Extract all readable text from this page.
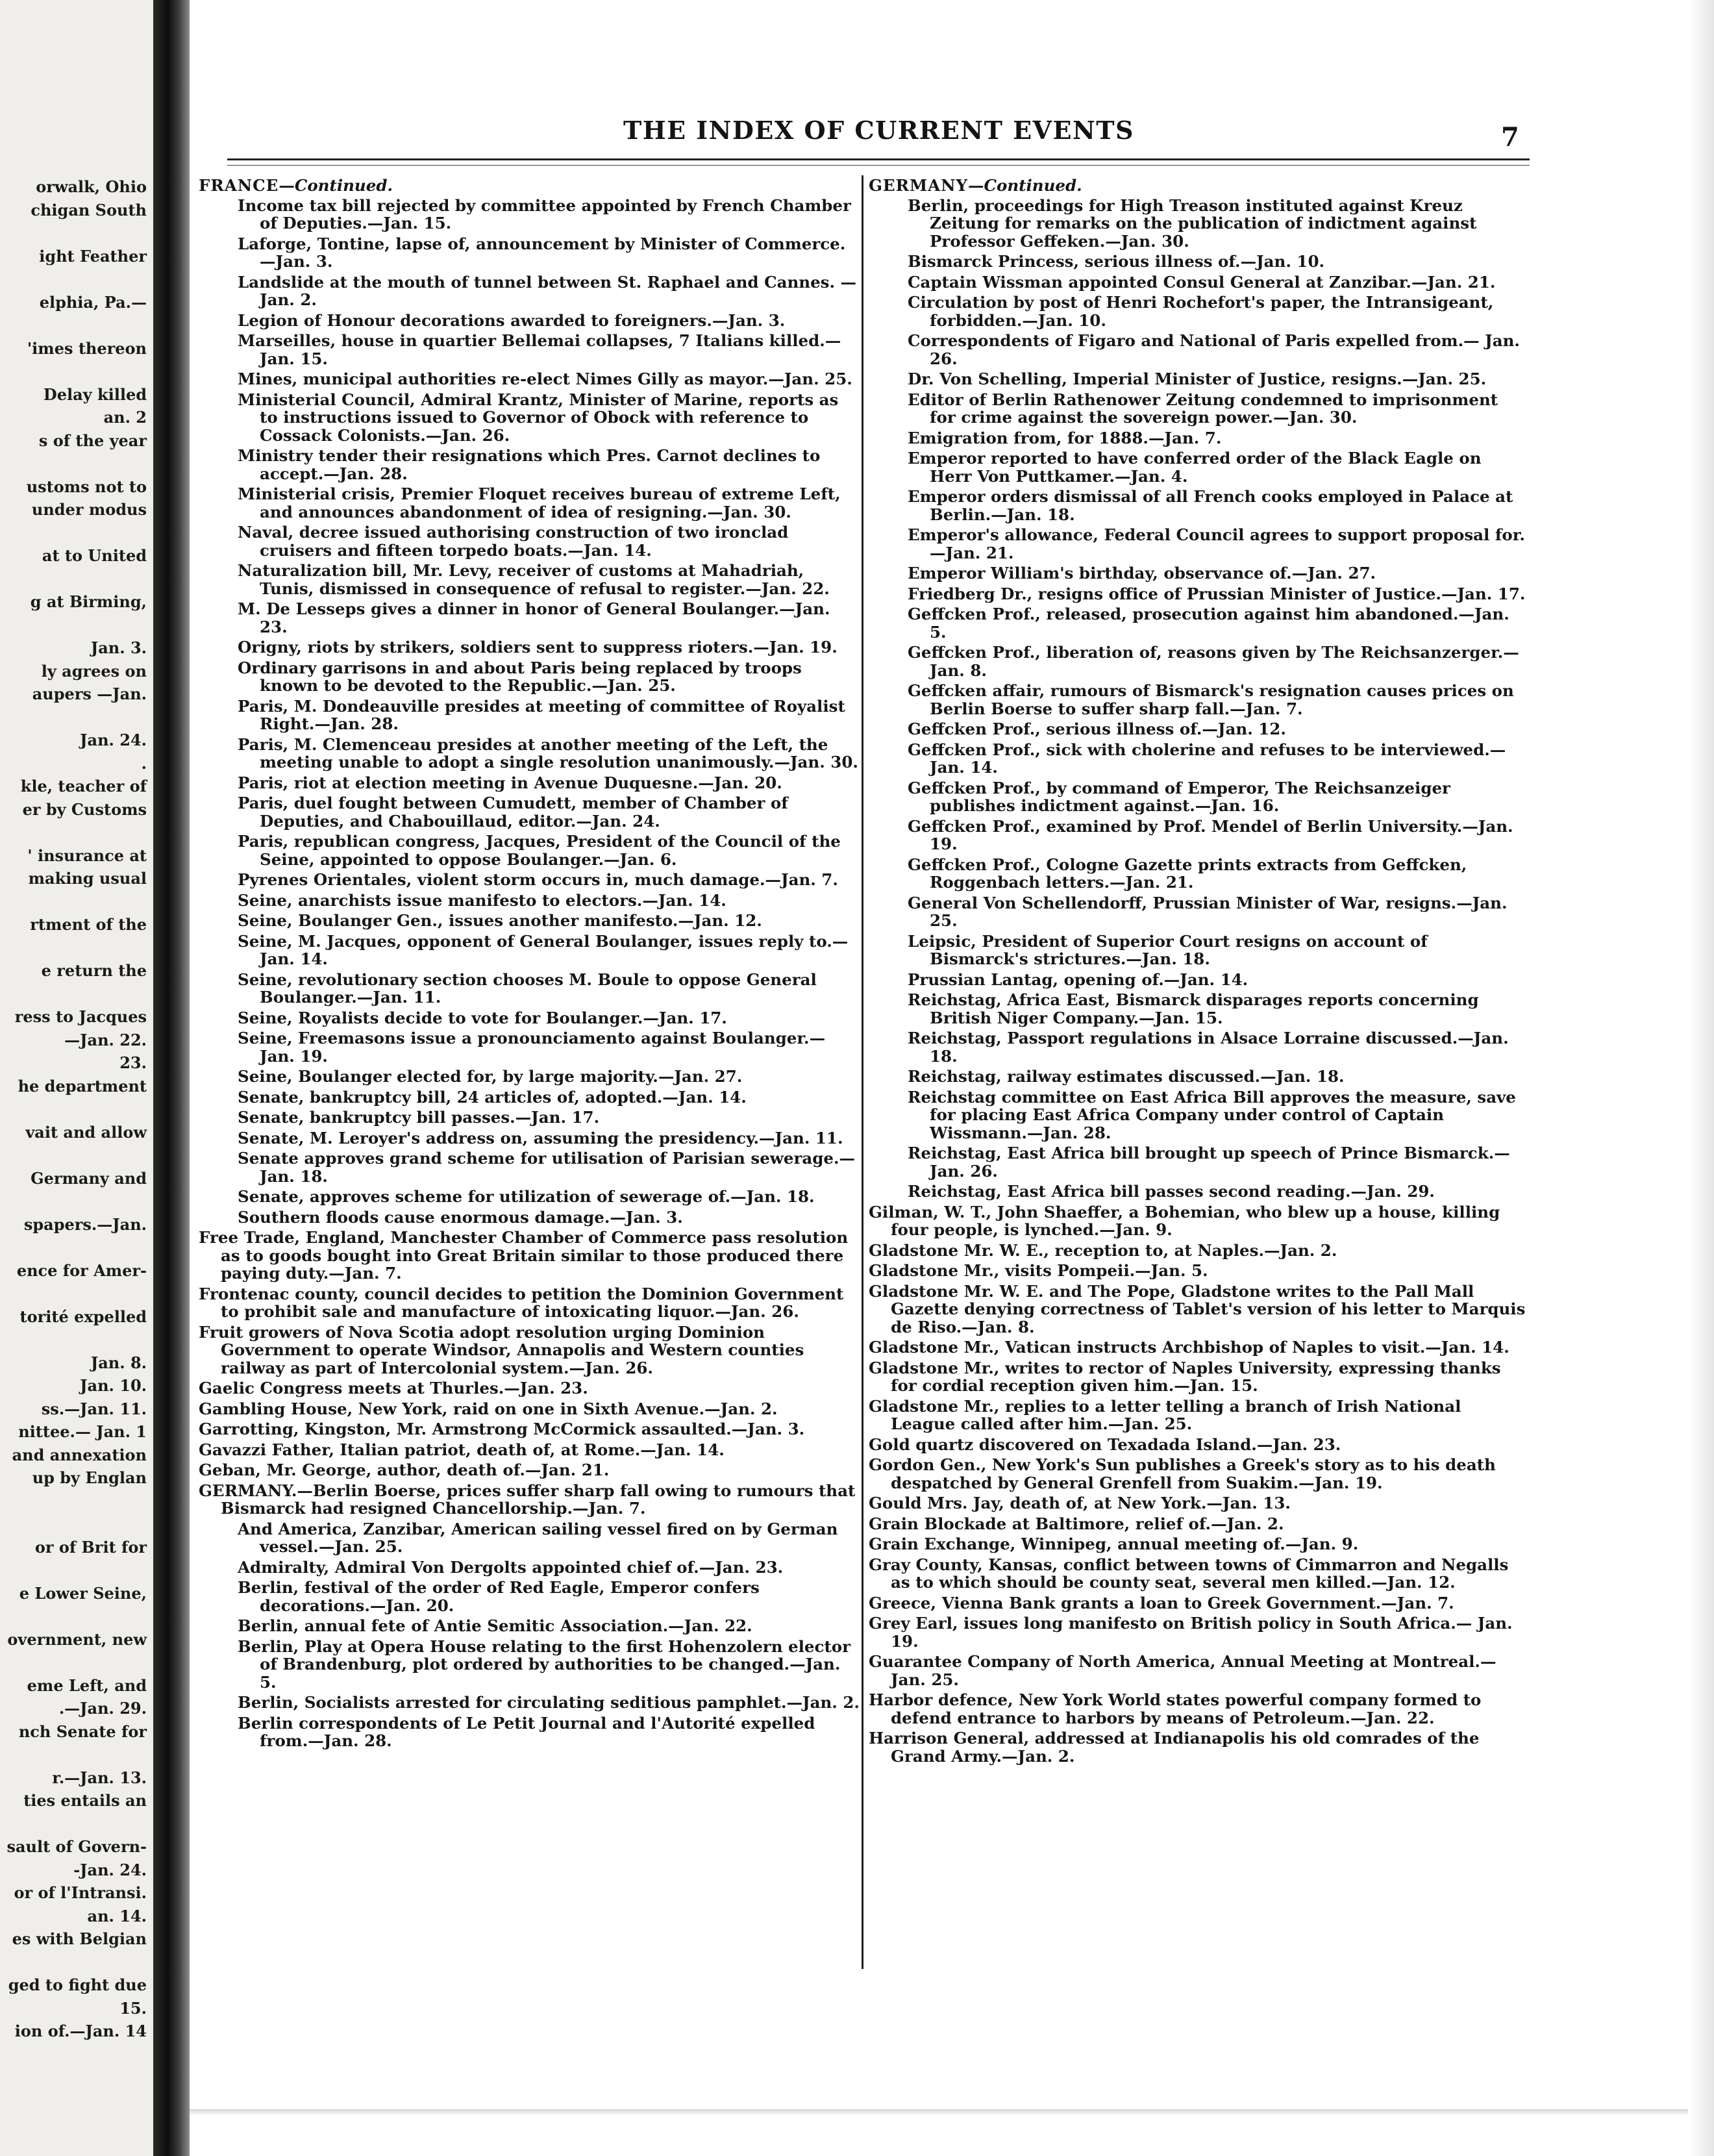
orwalk, Ohio
chigan South

ight Feather

elphia, Pa.—

'imes thereon

Delay killed
an. 2
s of the year

ustoms not to
under modus

at to United

g at Birming,

Jan. 3.
ly agrees on
aupers —Jan.

Jan. 24.
.
kle, teacher of
er by Customs

' insurance at
making usual

rtment of the

e return the

ress to Jacques
—Jan. 22.
23.
he department

vait and allow

Germany and

spapers.—Jan.

ence for Amer-

torité expelled

Jan. 8.
Jan. 10.
ss.—Jan. 11.
nittee.— Jan. 1
and annexation
up by Englan

or of Brit for

e Lower Seine,

overnment, new

eme Left, and
.—Jan. 29.
nch Senate for

r.—Jan. 13.
ties entails an

sault of Govern-
-Jan. 24.
or of l'Intransi.
an. 14.
es with Belgian

ged to fight due
15.
ion of.—Jan. 14
THE INDEX OF CURRENT EVENTS	7
FRANCE—Continued.
Income tax bill rejected by committee appointed by French Chamber of Deputies.—Jan. 15.
Laforge, Tontine, lapse of, announcement by Minister of Commerce. —Jan. 3.
Landslide at the mouth of tunnel between St. Raphael and Cannes. —Jan. 2.
Legion of Honour decorations awarded to foreigners.—Jan. 3.
Marseilles, house in quartier Bellemai collapses, 7 Italians killed.— Jan. 15.
Mines, municipal authorities re-elect Nimes Gilly as mayor.—Jan. 25.
Ministerial Council, Admiral Krantz, Minister of Marine, reports as to instructions issued to Governor of Obock with reference to Cossack Colonists.—Jan. 26.
Ministry tender their resignations which Pres. Carnot declines to accept.—Jan. 28.
Ministerial crisis, Premier Floquet receives bureau of extreme Left, and announces abandonment of idea of resigning.—Jan. 30.
Naval, decree issued authorising construction of two ironclad cruisers and fifteen torpedo boats.—Jan. 14.
Naturalization bill, Mr. Levy, receiver of customs at Mahadriah, Tunis, dismissed in consequence of refusal to register.—Jan. 22.
M. De Lesseps gives a dinner in honor of General Boulanger.—Jan. 23.
Origny, riots by strikers, soldiers sent to suppress rioters.—Jan. 19.
Ordinary garrisons in and about Paris being replaced by troops known to be devoted to the Republic.—Jan. 25.
Paris, M. Dondeauville presides at meeting of committee of Royalist Right.—Jan. 28.
Paris, M. Clemenceau presides at another meeting of the Left, the meeting unable to adopt a single resolution unanimously.—Jan. 30.
Paris, riot at election meeting in Avenue Duquesne.—Jan. 20.
Paris, duel fought between Cumudett, member of Chamber of Deputies, and Chabouillaud, editor.—Jan. 24.
Paris, republican congress, Jacques, President of the Council of the Seine, appointed to oppose Boulanger.—Jan. 6.
Pyrenes Orientales, violent storm occurs in, much damage.—Jan. 7.
Seine, anarchists issue manifesto to electors.—Jan. 14.
Seine, Boulanger Gen., issues another manifesto.—Jan. 12.
Seine, M. Jacques, opponent of General Boulanger, issues reply to.— Jan. 14.
Seine, revolutionary section chooses M. Boule to oppose General Boulanger.—Jan. 11.
Seine, Royalists decide to vote for Boulanger.—Jan. 17.
Seine, Freemasons issue a pronounciamento against Boulanger.— Jan. 19.
Seine, Boulanger elected for, by large majority.—Jan. 27.
Senate, bankruptcy bill, 24 articles of, adopted.—Jan. 14.
Senate, bankruptcy bill passes.—Jan. 17.
Senate, M. Leroyer's address on, assuming the presidency.—Jan. 11.
Senate approves grand scheme for utilisation of Parisian sewerage.— Jan. 18.
Senate, approves scheme for utilization of sewerage of.—Jan. 18.
Southern floods cause enormous damage.—Jan. 3.
Free Trade, England, Manchester Chamber of Commerce pass resolution as to goods bought into Great Britain similar to those produced there paying duty.—Jan. 7.
Frontenac county, council decides to petition the Dominion Government to prohibit sale and manufacture of intoxicating liquor.—Jan. 26.
Fruit growers of Nova Scotia adopt resolution urging Dominion Government to operate Windsor, Annapolis and Western counties railway as part of Intercolonial system.—Jan. 26.
Gaelic Congress meets at Thurles.—Jan. 23.
Gambling House, New York, raid on one in Sixth Avenue.—Jan. 2.
Garrotting, Kingston, Mr. Armstrong McCormick assaulted.—Jan. 3.
Gavazzi Father, Italian patriot, death of, at Rome.—Jan. 14.
Geban, Mr. George, author, death of.—Jan. 21.
GERMANY.—Berlin Boerse, prices suffer sharp fall owing to rumours that Bismarck had resigned Chancellorship.—Jan. 7.
And America, Zanzibar, American sailing vessel fired on by German vessel.—Jan. 25.
Admiralty, Admiral Von Dergolts appointed chief of.—Jan. 23.
Berlin, festival of the order of Red Eagle, Emperor confers decorations.—Jan. 20.
Berlin, annual fete of Antie Semitic Association.—Jan. 22.
Berlin, Play at Opera House relating to the first Hohenzolern elector of Brandenburg, plot ordered by authorities to be changed.—Jan. 5.
Berlin, Socialists arrested for circulating seditious pamphlet.—Jan. 2.
Berlin correspondents of Le Petit Journal and l'Autorité expelled from.—Jan. 28.
GERMANY—Continued.
Berlin, proceedings for High Treason instituted against Kreuz Zeitung for remarks on the publication of indictment against Professor Geffeken.—Jan. 30.
Bismarck Princess, serious illness of.—Jan. 10.
Captain Wissman appointed Consul General at Zanzibar.—Jan. 21.
Circulation by post of Henri Rochefort's paper, the Intransigeant, forbidden.—Jan. 10.
Correspondents of Figaro and National of Paris expelled from.— Jan. 26.
Dr. Von Schelling, Imperial Minister of Justice, resigns.—Jan. 25.
Editor of Berlin Rathenower Zeitung condemned to imprisonment for crime against the sovereign power.—Jan. 30.
Emigration from, for 1888.—Jan. 7.
Emperor reported to have conferred order of the Black Eagle on Herr Von Puttkamer.—Jan. 4.
Emperor orders dismissal of all French cooks employed in Palace at Berlin.—Jan. 18.
Emperor's allowance, Federal Council agrees to support proposal for. —Jan. 21.
Emperor William's birthday, observance of.—Jan. 27.
Friedberg Dr., resigns office of Prussian Minister of Justice.—Jan. 17.
Geffcken Prof., released, prosecution against him abandoned.—Jan. 5.
Geffcken Prof., liberation of, reasons given by The Reichsanzerger.— Jan. 8.
Geffcken affair, rumours of Bismarck's resignation causes prices on Berlin Boerse to suffer sharp fall.—Jan. 7.
Geffcken Prof., serious illness of.—Jan. 12.
Geffcken Prof., sick with cholerine and refuses to be interviewed.— Jan. 14.
Geffcken Prof., by command of Emperor, The Reichsanzeiger publishes indictment against.—Jan. 16.
Geffcken Prof., examined by Prof. Mendel of Berlin University.—Jan. 19.
Geffcken Prof., Cologne Gazette prints extracts from Geffcken, Roggenbach letters.—Jan. 21.
General Von Schellendorff, Prussian Minister of War, resigns.—Jan. 25.
Leipsic, President of Superior Court resigns on account of Bismarck's strictures.—Jan. 18.
Prussian Lantag, opening of.—Jan. 14.
Reichstag, Africa East, Bismarck disparages reports concerning British Niger Company.—Jan. 15.
Reichstag, Passport regulations in Alsace Lorraine discussed.—Jan. 18.
Reichstag, railway estimates discussed.—Jan. 18.
Reichstag committee on East Africa Bill approves the measure, save for placing East Africa Company under control of Captain Wissmann.—Jan. 28.
Reichstag, East Africa bill brought up speech of Prince Bismarck.— Jan. 26.
Reichstag, East Africa bill passes second reading.—Jan. 29.
Gilman, W. T., John Shaeffer, a Bohemian, who blew up a house, killing four people, is lynched.—Jan. 9.
Gladstone Mr. W. E., reception to, at Naples.—Jan. 2.
Gladstone Mr., visits Pompeii.—Jan. 5.
Gladstone Mr. W. E. and The Pope, Gladstone writes to the Pall Mall Gazette denying correctness of Tablet's version of his letter to Marquis de Riso.—Jan. 8.
Gladstone Mr., Vatican instructs Archbishop of Naples to visit.—Jan. 14.
Gladstone Mr., writes to rector of Naples University, expressing thanks for cordial reception given him.—Jan. 15.
Gladstone Mr., replies to a letter telling a branch of Irish National League called after him.—Jan. 25.
Gold quartz discovered on Texadada Island.—Jan. 23.
Gordon Gen., New York's Sun publishes a Greek's story as to his death despatched by General Grenfell from Suakim.—Jan. 19.
Gould Mrs. Jay, death of, at New York.—Jan. 13.
Grain Blockade at Baltimore, relief of.—Jan. 2.
Grain Exchange, Winnipeg, annual meeting of.—Jan. 9.
Gray County, Kansas, conflict between towns of Cimmarron and Negalls as to which should be county seat, several men killed.—Jan. 12.
Greece, Vienna Bank grants a loan to Greek Government.—Jan. 7.
Grey Earl, issues long manifesto on British policy in South Africa.— Jan. 19.
Guarantee Company of North America, Annual Meeting at Montreal.— Jan. 25.
Harbor defence, New York World states powerful company formed to defend entrance to harbors by means of Petroleum.—Jan. 22.
Harrison General, addressed at Indianapolis his old comrades of the Grand Army.—Jan. 2.
